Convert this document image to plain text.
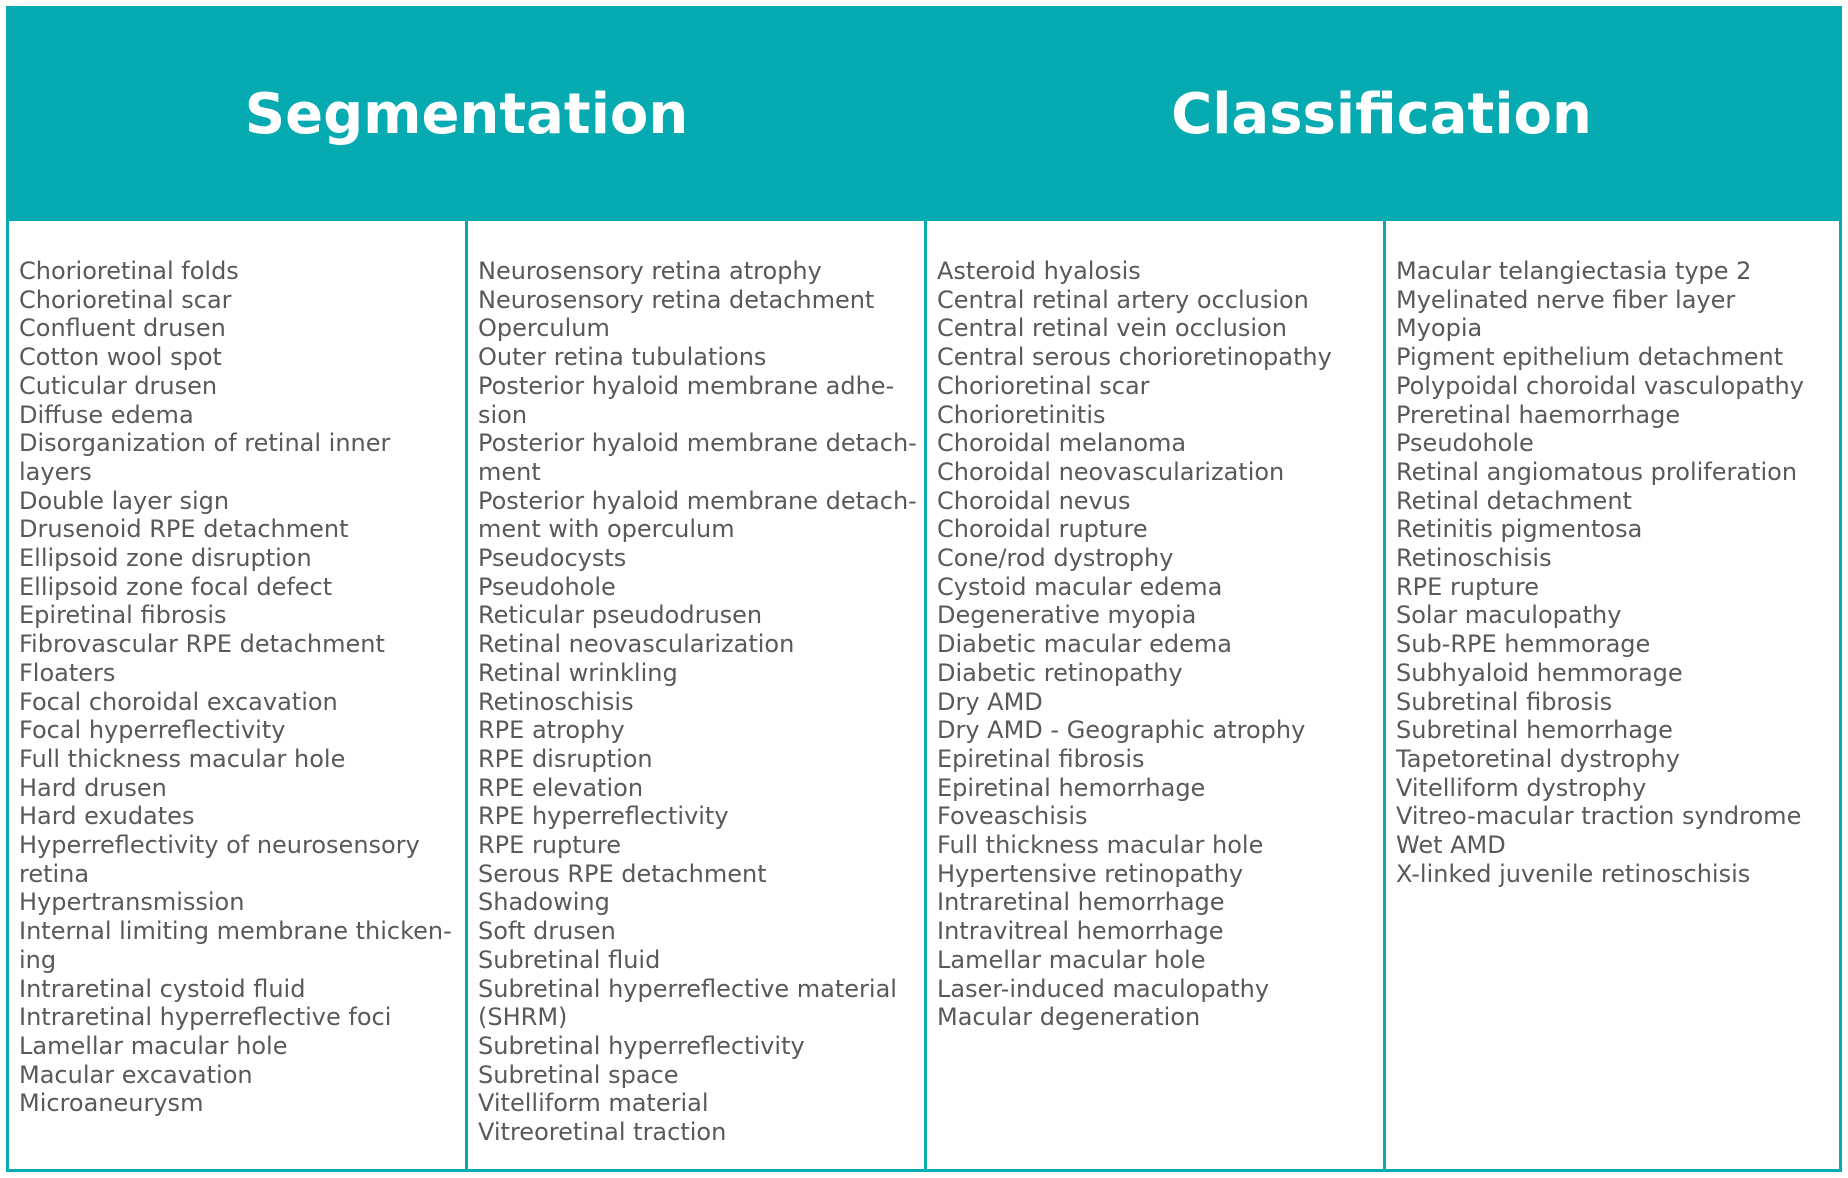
Segmentation	Classification
Chorioretinal folds
Chorioretinal scar
Confluent drusen
Cotton wool spot
Cuticular drusen
Diffuse edema
Disorganization of retinal inner
layers
Double layer sign
Drusenoid RPE detachment
Ellipsoid zone disruption
Ellipsoid zone focal defect
Epiretinal fibrosis
Fibrovascular RPE detachment
Floaters
Focal choroidal excavation
Focal hyperreflectivity
Full thickness macular hole
Hard drusen
Hard exudates
Hyperreflectivity of neurosensory
retina
Hypertransmission
Internal limiting membrane thicken-
ing
Intraretinal cystoid fluid
Intraretinal hyperreflective foci
Lamellar macular hole
Macular excavation
Microaneurysm
Neurosensory retina atrophy
Neurosensory retina detachment
Operculum
Outer retina tubulations
Posterior hyaloid membrane adhe-
sion
Posterior hyaloid membrane detach-
ment
Posterior hyaloid membrane detach-
ment with operculum
Pseudocysts
Pseudohole
Reticular pseudodrusen
Retinal neovascularization
Retinal wrinkling
Retinoschisis
RPE atrophy
RPE disruption
RPE elevation
RPE hyperreflectivity
RPE rupture
Serous RPE detachment
Shadowing
Soft drusen
Subretinal fluid
Subretinal hyperreflective material
(SHRM)
Subretinal hyperreflectivity
Subretinal space
Vitelliform material
Vitreoretinal traction
Asteroid hyalosis
Central retinal artery occlusion
Central retinal vein occlusion
Central serous chorioretinopathy
Chorioretinal scar
Chorioretinitis
Choroidal melanoma
Choroidal neovascularization
Choroidal nevus
Choroidal rupture
Cone/rod dystrophy
Cystoid macular edema
Degenerative myopia
Diabetic macular edema
Diabetic retinopathy
Dry AMD
Dry AMD - Geographic atrophy
Epiretinal fibrosis
Epiretinal hemorrhage
Foveaschisis
Full thickness macular hole
Hypertensive retinopathy
Intraretinal hemorrhage
Intravitreal hemorrhage
Lamellar macular hole
Laser-induced maculopathy
Macular degeneration
Macular telangiectasia type 2
Myelinated nerve fiber layer
Myopia
Pigment epithelium detachment
Polypoidal choroidal vasculopathy
Preretinal haemorrhage
Pseudohole
Retinal angiomatous proliferation
Retinal detachment
Retinitis pigmentosa
Retinoschisis
RPE rupture
Solar maculopathy
Sub-RPE hemmorage
Subhyaloid hemmorage
Subretinal fibrosis
Subretinal hemorrhage
Tapetoretinal dystrophy
Vitelliform dystrophy
Vitreo-macular traction syndrome
Wet AMD
X-linked juvenile retinoschisis
